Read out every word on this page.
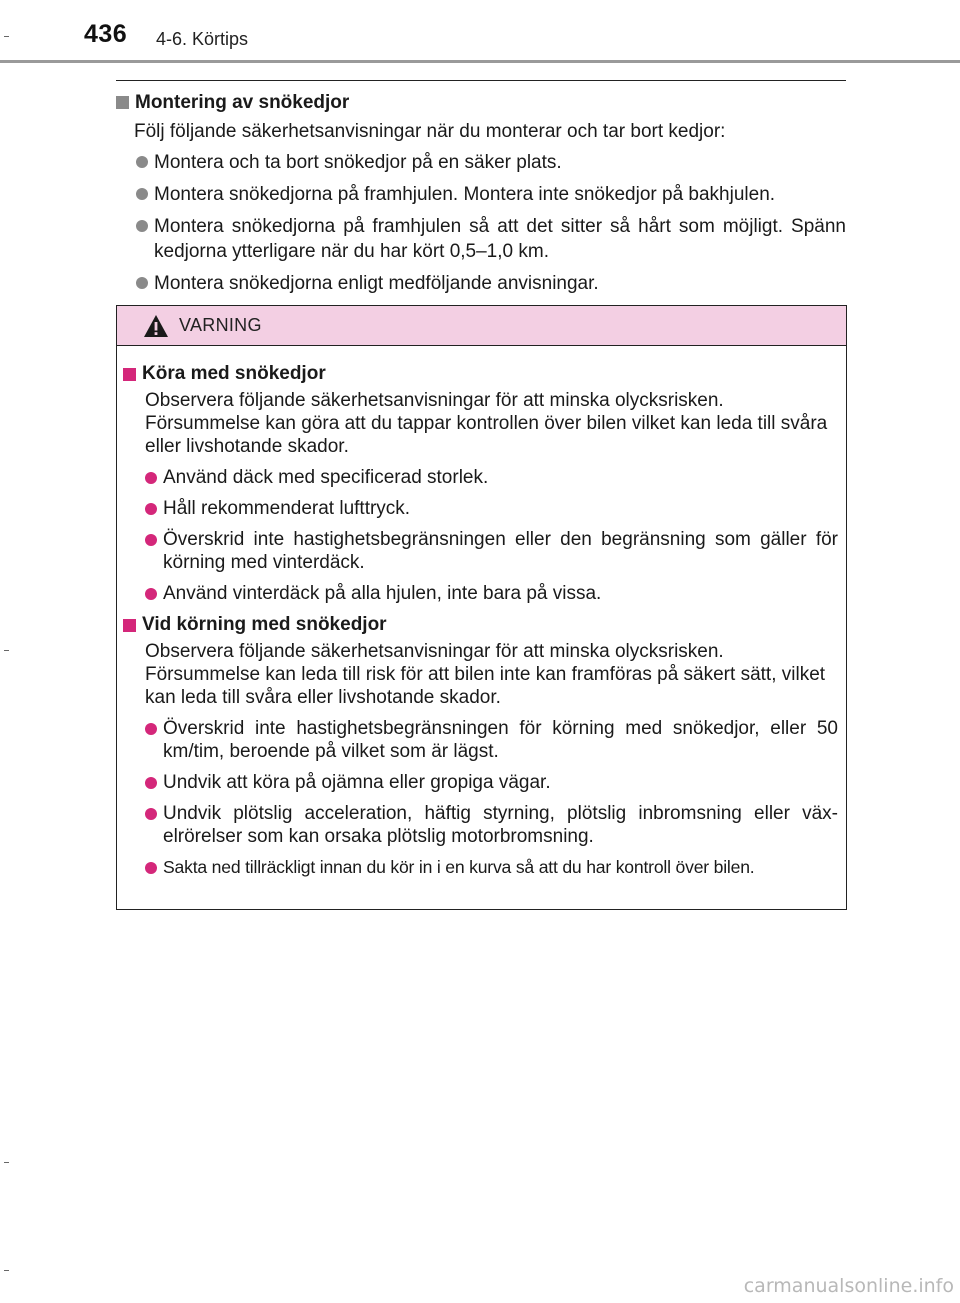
436 4-6. Körtips
Montering av snökedjor
Följ följande säkerhetsanvisningar när du monterar och tar bort kedjor:
Montera och ta bort snökedjor på en säker plats.
Montera snökedjorna på framhjulen. Montera inte snökedjor på bakhjulen.
Montera snökedjorna på framhjulen så att det sitter så hårt som möjligt. Spänn kedjorna ytterligare när du har kört 0,5–1,0 km.
Montera snökedjorna enligt medföljande anvisningar.
VARNING
Köra med snökedjor
Observera följande säkerhetsanvisningar för att minska olycksrisken. Försummelse kan göra att du tappar kontrollen över bilen vilket kan leda till svåra eller livshotande skador.
Använd däck med specificerad storlek.
Håll rekommenderat lufttryck.
Överskrid inte hastighetsbegränsningen eller den begränsning som gäller för körning med vinterdäck.
Använd vinterdäck på alla hjulen, inte bara på vissa.
Vid körning med snökedjor
Observera följande säkerhetsanvisningar för att minska olycksrisken. Försummelse kan leda till risk för att bilen inte kan framföras på säkert sätt, vilket kan leda till svåra eller livshotande skador.
Överskrid inte hastighetsbegränsningen för körning med snökedjor, eller 50 km/tim, beroende på vilket som är lägst.
Undvik att köra på ojämna eller gropiga vägar.
Undvik plötslig acceleration, häftig styrning, plötslig inbromsning eller väx-elrörelser som kan orsaka plötslig motorbromsning.
Sakta ned tillräckligt innan du kör in i en kurva så att du har kontroll över bilen.
carmanualsonline.info
